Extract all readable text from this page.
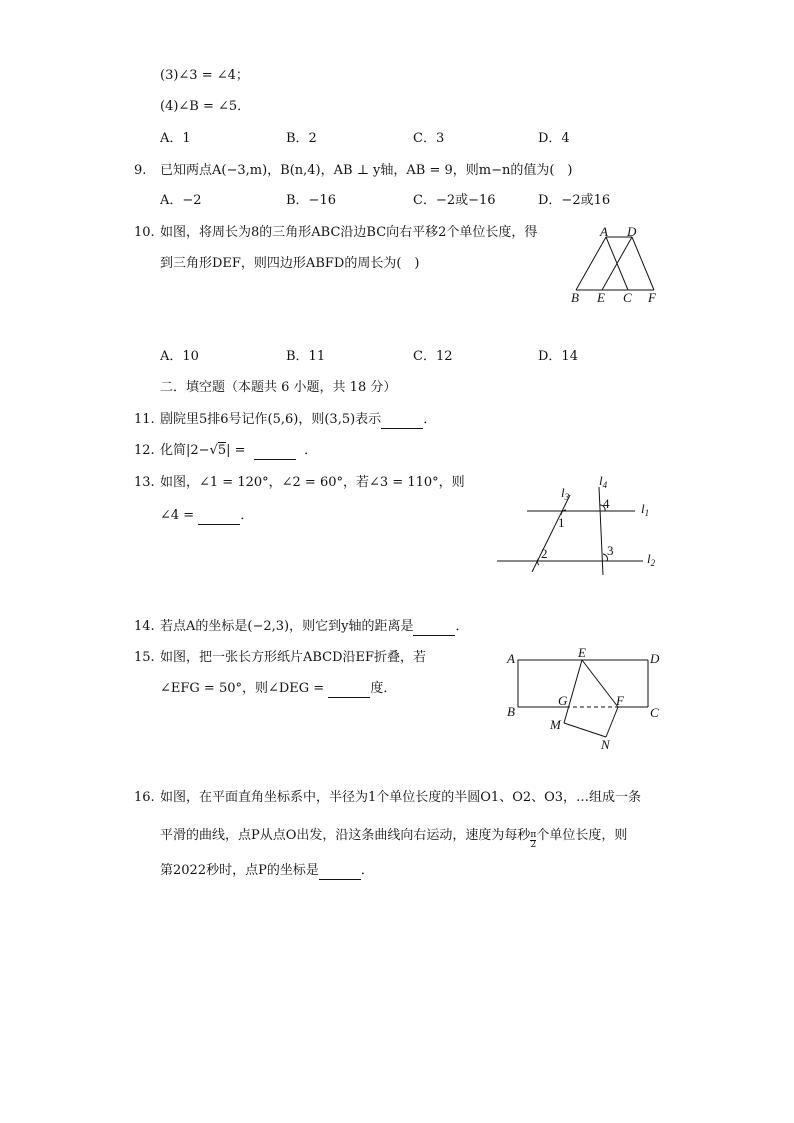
(3)∠3 = ∠4；
(4)∠B = ∠5．
A．1	B．2	C．3	D．4
9. 已知两点A(−3,m)，B(n,4)，AB ⊥ y轴，AB = 9，则m−n的值为(　)
A．−2	B．−16	C．−2或−16	D．−2或16
10. 如图，将周长为8的三角形ABC沿边BC向右平移2个单位长度，得
到三角形DEF，则四边形ABFD的周长为(　)
A D
B E C F
A．10	B．11	C．12	D．14
二．填空题（本题共 6 小题，共 18 分）
11. 剧院里5排6号记作(5,6)，则(3,5)表示	．
12. 化简|2−√5| =	．
13. 如图，∠1 = 120°，∠2 = 60°，若∠3 = 110°，则
∠4 =	．
$l_3$
$l_4$
$l_1$
$l_2$
1
2	3
4
14. 若点A的坐标是(−2,3)，则它到y轴的距离是	．
15. 如图，把一张长方形纸片ABCD沿EF折叠，若
∠EFG = 50°，则∠DEG =	度．
A	E	D
B
G	F
C
M
N
16. 如图，在平面直角坐标系中，半径为1个单位长度的半圆O1、O2、O3，…组成一条
平滑的曲线，点P从点O出发，沿这条曲线向右运动，速度为每秒 $\frac{\pi}{2}$ 个单位长度，则
第2022秒时，点P的坐标是	．
